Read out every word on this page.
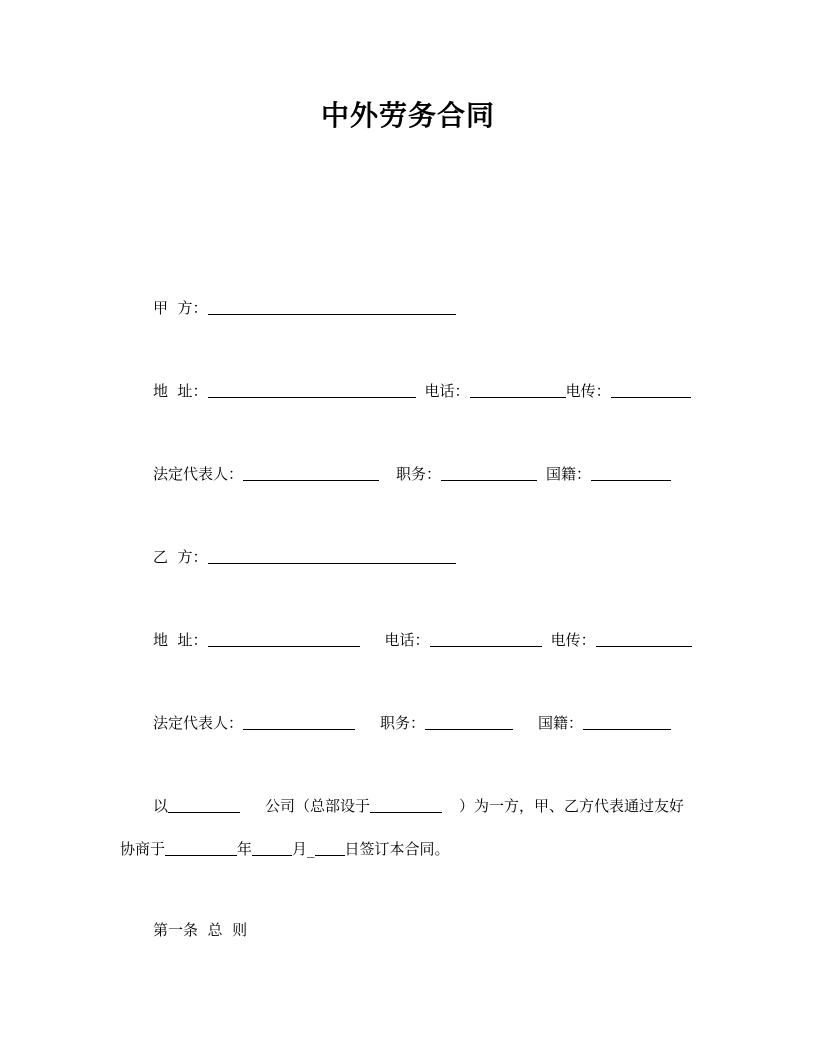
中外劳务合同
甲  方：
地  址：	电话：	电传：
法定代表人：	职务：	国籍：
乙  方：
地  址：	电话：	电传：
法定代表人：	职务：	国籍：
以	公司（总部设于	）为一方，甲、乙方代表通过友好
协商于	年	月_ 日签订本合同。
第一条  总  则
